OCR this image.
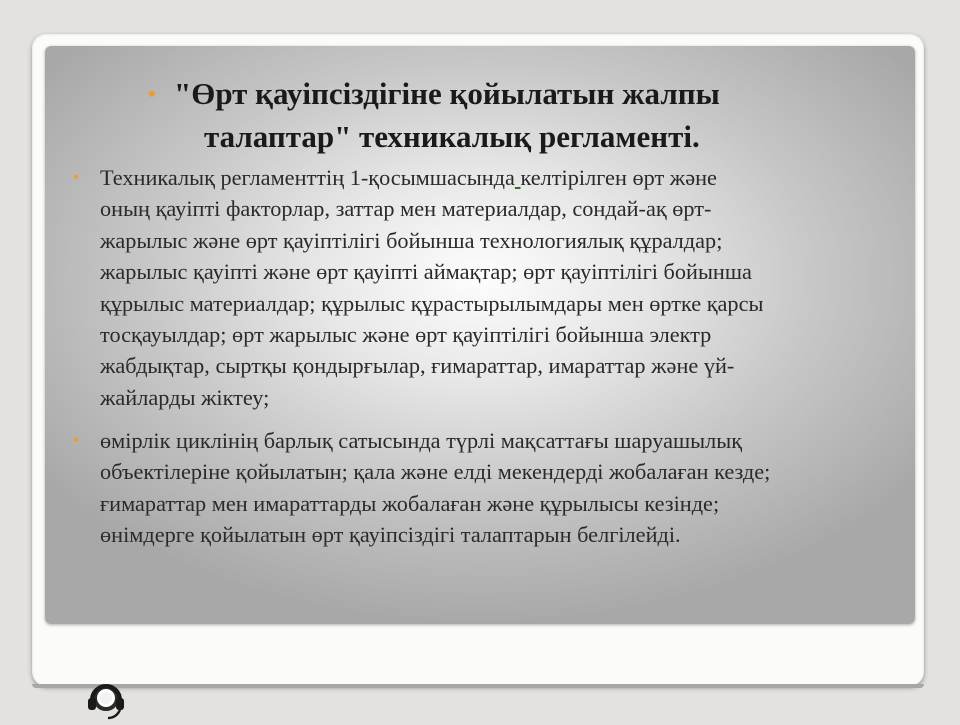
• "Өрт қауіпсіздігіне қойылатын жалпы
талаптар" техникалық регламенті.
• Техникалық регламенттің 1-қосымшасында келтірілген өрт және
оның қауіпті факторлар, заттар мен материалдар, сондай-ақ өрт-
жарылыс және өрт қауіптілігі бойынша технологиялық құралдар;
жарылыс қауіпті және өрт қауіпті аймақтар; өрт қауіптілігі бойынша
құрылыс материалдар; құрылыс құрастырылымдары мен өртке қарсы
тосқауылдар; өрт жарылыс және өрт қауіптілігі бойынша электр
жабдықтар, сыртқы қондырғылар, ғимараттар, имараттар және үй-
жайларды жіктеу;
• өмірлік циклінің барлық сатысында түрлі мақсаттағы шаруашылық
объектілеріне қойылатын; қала және елді мекендерді жобалаған кезде;
ғимараттар мен имараттарды жобалаған және құрылысы кезінде;
өнімдерге қойылатын өрт қауіпсіздігі талаптарын белгілейді.
